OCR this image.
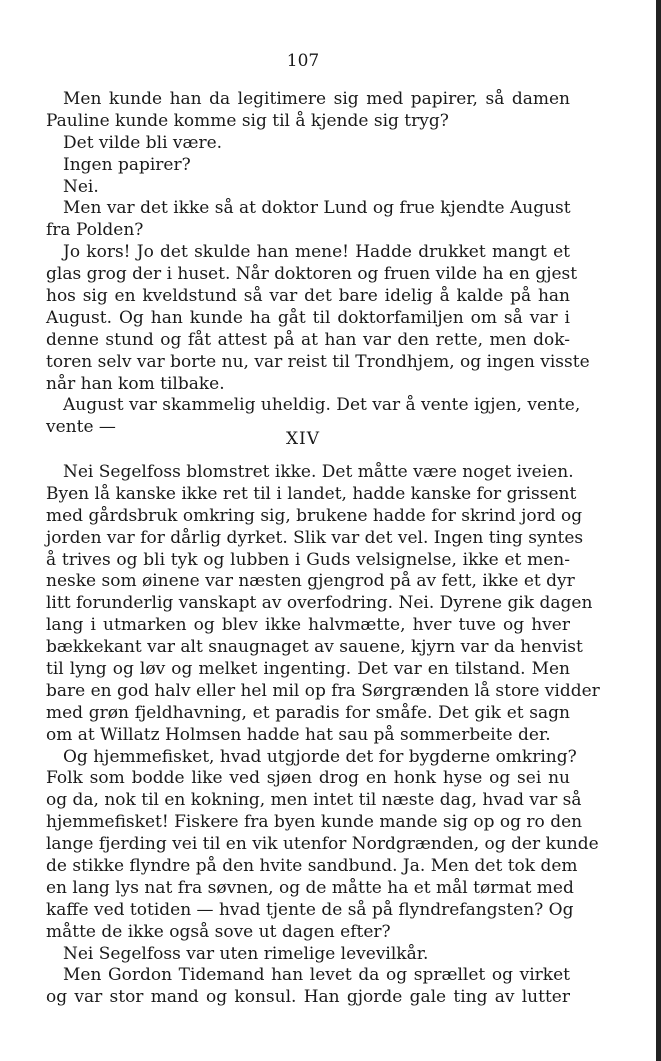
107
Men kunde han da legitimere sig med papirer, så damen
Pauline kunde komme sig til å kjende sig tryg?
Det vilde bli være.
Ingen papirer?
Nei.
Men var det ikke så at doktor Lund og frue kjendte August
fra Polden?
Jo kors! Jo det skulde han mene! Hadde drukket mangt et
glas grog der i huset. Når doktoren og fruen vilde ha en gjest
hos sig en kveldstund så var det bare idelig å kalde på han
August. Og han kunde ha gåt til doktorfamiljen om så var i
denne stund og fåt attest på at han var den rette, men dok-
toren selv var borte nu, var reist til Trondhjem, og ingen visste
når han kom tilbake.
August var skammelig uheldig. Det var å vente igjen, vente,
vente —
XIV
Nei Segelfoss blomstret ikke. Det måtte være noget iveien.
Byen lå kanske ikke ret til i landet, hadde kanske for grissent
med gårdsbruk omkring sig, brukene hadde for skrind jord og
jorden var for dårlig dyrket. Slik var det vel. Ingen ting syntes
å trives og bli tyk og lubben i Guds velsignelse, ikke et men-
neske som øinene var næsten gjengrod på av fett, ikke et dyr
litt forunderlig vanskapt av overfodring. Nei. Dyrene gik dagen
lang i utmarken og blev ikke halvmætte, hver tuve og hver
bækkekant var alt snaugnaget av sauene, kjyrn var da henvist
til lyng og løv og melket ingenting. Det var en tilstand. Men
bare en god halv eller hel mil op fra Sørgrænden lå store vidder
med grøn fjeldhavning, et paradis for småfe. Det gik et sagn
om at Willatz Holmsen hadde hat sau på sommerbeite der.
Og hjemmefisket, hvad utgjorde det for bygderne omkring?
Folk som bodde like ved sjøen drog en honk hyse og sei nu
og da, nok til en kokning, men intet til næste dag, hvad var så
hjemmefisket! Fiskere fra byen kunde mande sig op og ro den
lange fjerding vei til en vik utenfor Nordgrænden, og der kunde
de stikke flyndre på den hvite sandbund. Ja. Men det tok dem
en lang lys nat fra søvnen, og de måtte ha et mål tørmat med
kaffe ved totiden — hvad tjente de så på flyndrefangsten? Og
måtte de ikke også sove ut dagen efter?
Nei Segelfoss var uten rimelige levevilkår.
Men Gordon Tidemand han levet da og sprællet og virket
og var stor mand og konsul. Han gjorde gale ting av lutter
